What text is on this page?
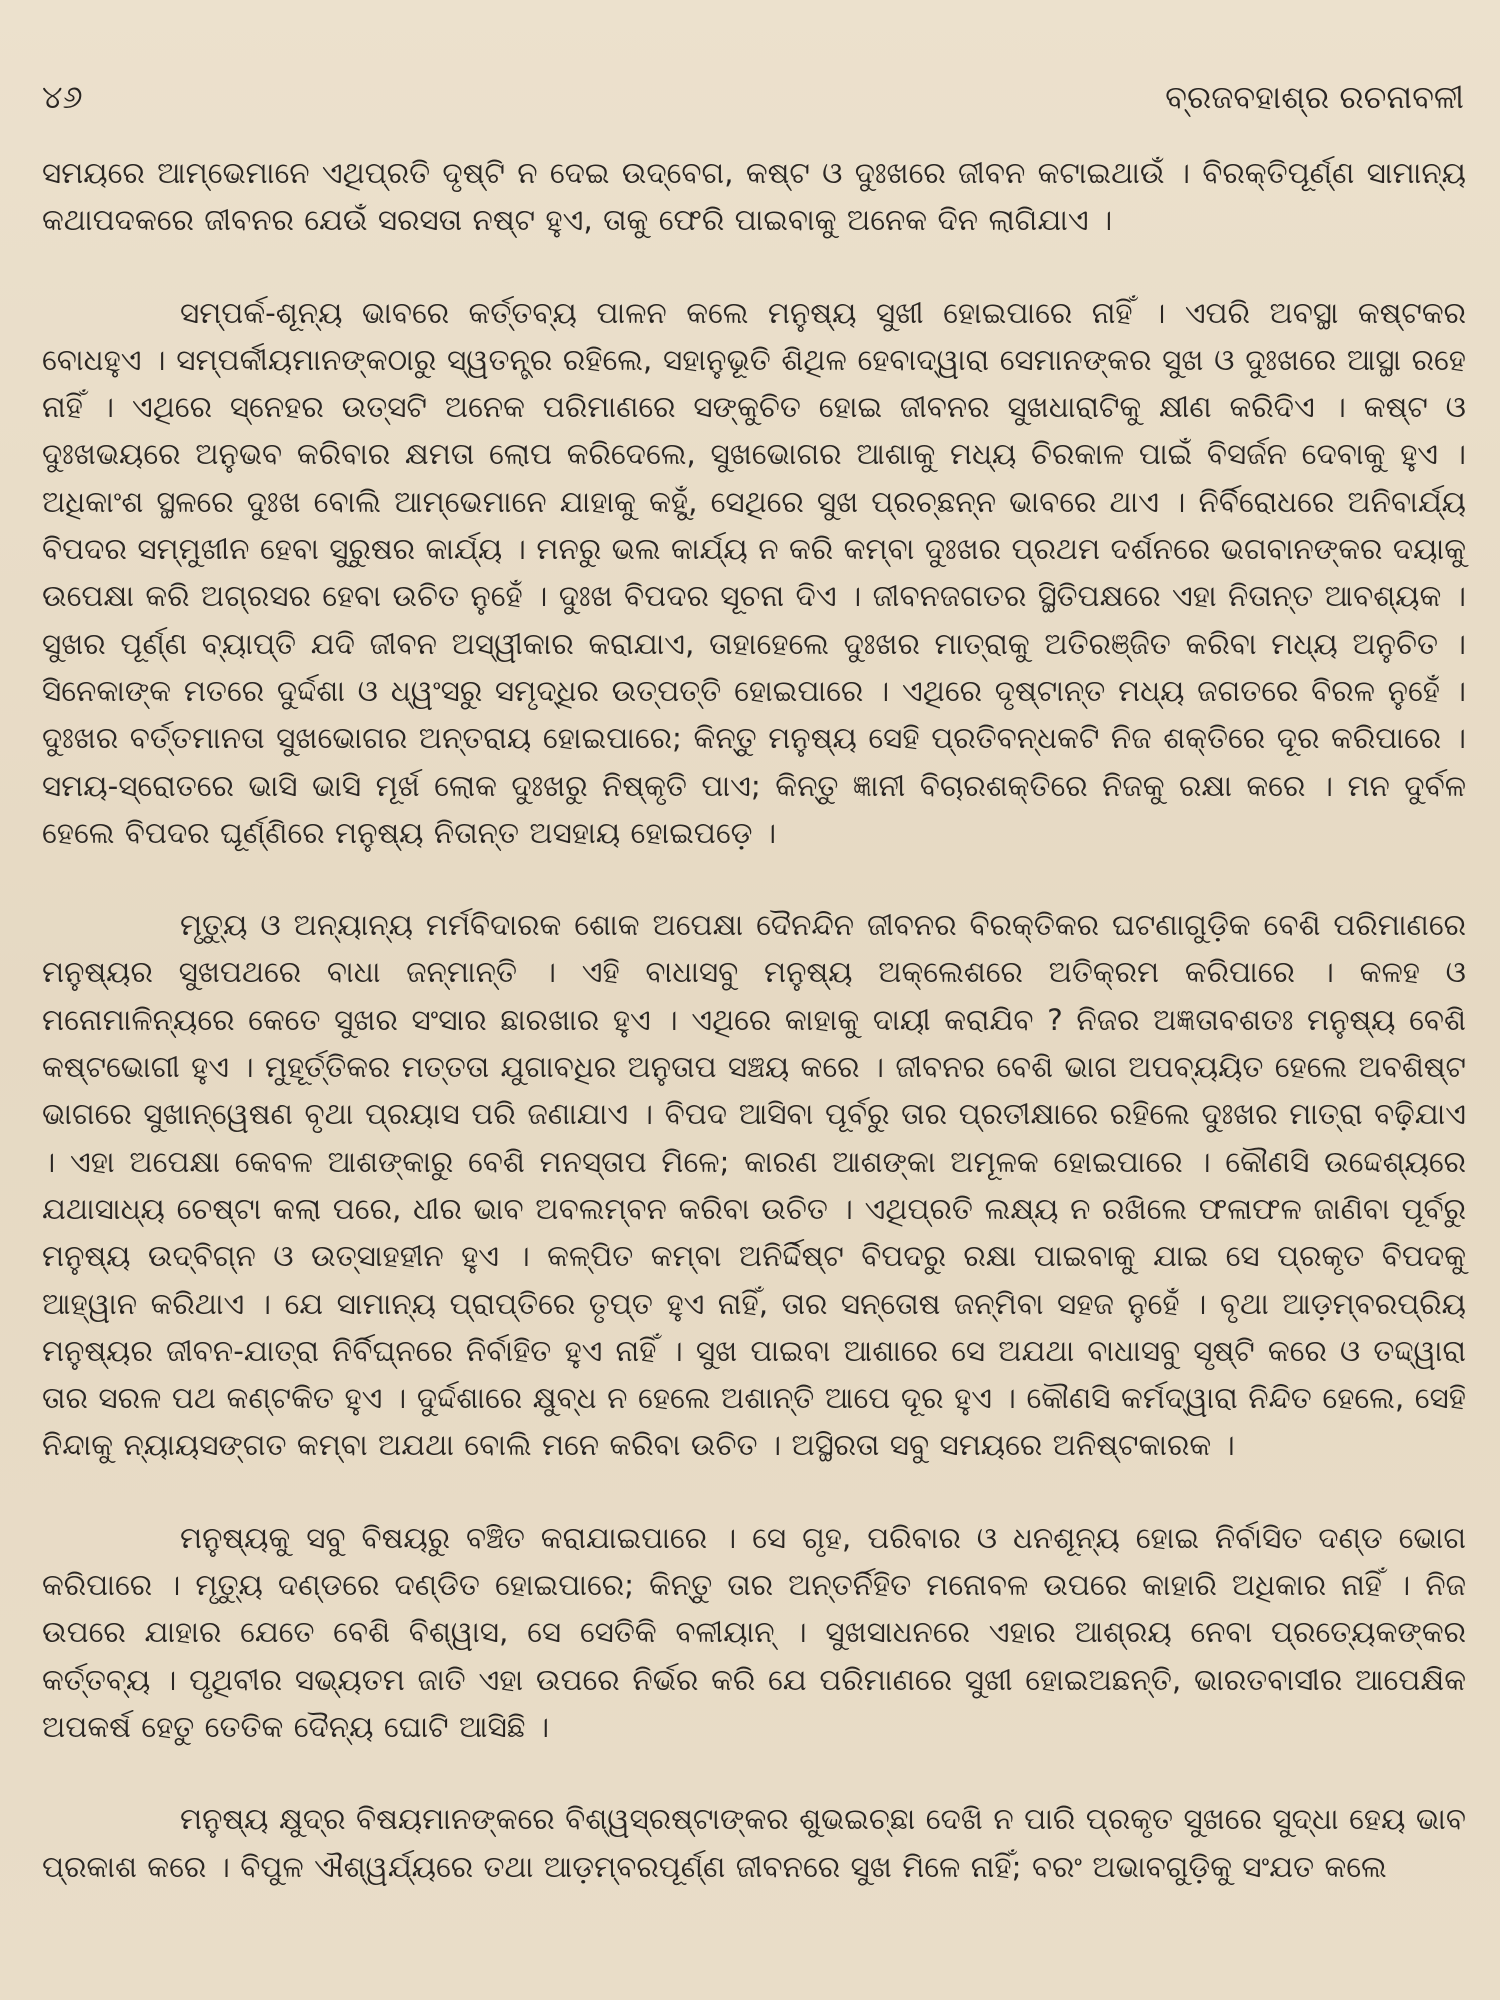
୪୬	ବ୍ରଜବହାଶ୍ର ରଚନାବଳୀ

ସମୟରେ ଆମ୍ଭେମାନେ ଏଥିପ୍ରତି ଦୃଷ୍ଟି ନ ଦେଇ ଉଦ୍‌ବେଗ, କଷ୍ଟ ଓ ଦୁଃଖରେ ଜୀବନ କଟାଇଥାଉଁ । ବିରକ୍ତିପୂର୍ଣ୍ଣ ସାମାନ୍ୟ କଥାପଦକରେ ଜୀବନର ଯେଉଁ ସରସତା ନଷ୍ଟ ହୁଏ, ତାକୁ ଫେରି ପାଇବାକୁ ଅନେକ ଦିନ ଲାଗିଯାଏ ।

ସମ୍ପର୍କ-ଶୂନ୍ୟ ଭାବରେ କର୍ତ୍ତବ୍ୟ ପାଳନ କଲେ ମନୁଷ୍ୟ ସୁଖୀ ହୋଇପାରେ ନାହିଁ । ଏପରି ଅବସ୍ଥା କଷ୍ଟକର ବୋଧହୁଏ । ସମ୍ପର୍କୀୟମାନଙ୍କଠାରୁ ସ୍ୱତନ୍ତ୍ର ରହିଲେ, ସହାନୁଭୂତି ଶିଥିଳ ହେବାଦ୍ୱାରା ସେମାନଙ୍କର ସୁଖ ଓ ଦୁଃଖରେ ଆସ୍ଥା ରହେ ନାହିଁ । ଏଥିରେ ସ୍ନେହର ଉତ୍ସଟି ଅନେକ ପରିମାଣରେ ସଙ୍କୁଚିତ ହୋଇ ଜୀବନର ସୁଖଧାରାଟିକୁ କ୍ଷୀଣ କରିଦିଏ । କଷ୍ଟ ଓ ଦୁଃଖଭୟରେ ଅନୁଭବ କରିବାର କ୍ଷମତା ଲୋପ କରିଦେଲେ, ସୁଖଭୋଗର ଆଶାକୁ ମଧ୍ୟ ଚିରକାଳ ପାଇଁ ବିସର୍ଜନ ଦେବାକୁ ହୁଏ । ଅଧିକାଂଶ ସ୍ଥଳରେ ଦୁଃଖ ବୋଲି ଆମ୍ଭେମାନେ ଯାହାକୁ କହୁଁ, ସେଥିରେ ସୁଖ ପ୍ରଚ୍ଛନ୍ନ ଭାବରେ ଥାଏ । ନିର୍ବିରୋଧରେ ଅନିବାର୍ଯ୍ୟ ବିପଦର ସମ୍ମୁଖୀନ ହେବା ସୁରୁଷର କାର୍ଯ୍ୟ । ମନରୁ ଭଲ କାର୍ଯ୍ୟ ନ କରି କମ୍ବା ଦୁଃଖର ପ୍ରଥମ ଦର୍ଶନରେ ଭଗବାନଙ୍କର ଦୟାକୁ ଉପେକ୍ଷା କରି ଅଗ୍ରସର ହେବା ଉଚିତ ନୁହେଁ । ଦୁଃଖ ବିପଦର ସୂଚନା ଦିଏ । ଜୀବନଜଗତର ସ୍ଥିତିପକ୍ଷରେ ଏହା ନିତାନ୍ତ ଆବଶ୍ୟକ । ସୁଖର ପୂର୍ଣ୍ଣ ବ୍ୟାପ୍ତି ଯଦି ଜୀବନ ଅସ୍ୱୀକାର କରାଯାଏ, ତାହାହେଲେ ଦୁଃଖର ମାତ୍ରାକୁ ଅତିରଞ୍ଜିତ କରିବା ମଧ୍ୟ ଅନୁଚିତ । ସିନେକାଙ୍କ ମତରେ ଦୁର୍ଦ୍ଦଶା ଓ ଧ୍ୱଂସରୁ ସମୃଦ୍ଧିର ଉତ୍ପତ୍ତି ହୋଇପାରେ । ଏଥିରେ ଦୃଷ୍ଟାନ୍ତ ମଧ୍ୟ ଜଗତରେ ବିରଳ ନୁହେଁ । ଦୁଃଖର ବର୍ତ୍ତମାନତା ସୁଖଭୋଗର ଅନ୍ତରାୟ ହୋଇପାରେ; କିନ୍ତୁ ମନୁଷ୍ୟ ସେହି ପ୍ରତିବନ୍ଧକଟି ନିଜ ଶକ୍ତିରେ ଦୂର କରିପାରେ । ସମୟ-ସ୍ରୋତରେ ଭାସି ଭାସି ମୂର୍ଖ ଲୋକ ଦୁଃଖରୁ ନିଷ୍କୃତି ପାଏ; କିନ୍ତୁ ଜ୍ଞାନୀ ବିଚାରଶକ୍ତିରେ ନିଜକୁ ରକ୍ଷା କରେ । ମନ ଦୁର୍ବଳ ହେଲେ ବିପଦର ଘୂର୍ଣ୍ଣିରେ ମନୁଷ୍ୟ ନିତାନ୍ତ ଅସହାୟ ହୋଇପଡ଼େ ।

ମୃତ୍ୟୁ ଓ ଅନ୍ୟାନ୍ୟ ମର୍ମବିଦାରକ ଶୋକ ଅପେକ୍ଷା ଦୈନନ୍ଦିନ ଜୀବନର ବିରକ୍ତିକର ଘଟଣାଗୁଡ଼ିକ ବେଶି ପରିମାଣରେ ମନୁଷ୍ୟର ସୁଖପଥରେ ବାଧା ଜନ୍ମାନ୍ତି । ଏହି ବାଧାସବୁ ମନୁଷ୍ୟ ଅକ୍ଲେଶରେ ଅତିକ୍ରମ କରିପାରେ । କଳହ ଓ ମନୋମାଳିନ୍ୟରେ କେତେ ସୁଖର ସଂସାର ଛାରଖାର ହୁଏ । ଏଥିରେ କାହାକୁ ଦାୟୀ କରାଯିବ ? ନିଜର ଅଜ୍ଞତାବଶତଃ ମନୁଷ୍ୟ ବେଶି କଷ୍ଟଭୋଗୀ ହୁଏ । ମୁହୂର୍ତ୍ତିକର ମତ୍ତତା ଯୁଗାବଧିର ଅନୁତାପ ସଞ୍ଚୟ କରେ । ଜୀବନର ବେଶି ଭାଗ ଅପବ୍ୟୟିତ ହେଲେ ଅବଶିଷ୍ଟ ଭାଗରେ ସୁଖାନ୍ୱେଷଣ ବୃଥା ପ୍ରୟାସ ପରି ଜଣାଯାଏ । ବିପଦ ଆସିବା ପୂର୍ବରୁ ତାର ପ୍ରତୀକ୍ଷାରେ ରହିଲେ ଦୁଃଖର ମାତ୍ରା ବଢ଼ିଯାଏ । ଏହା ଅପେକ୍ଷା କେବଳ ଆଶଙ୍କାରୁ ବେଶି ମନସ୍ତାପ ମିଳେ; କାରଣ ଆଶଙ୍କା ଅମୂଳକ ହୋଇପାରେ । କୌଣସି ଉଦ୍ଦେଶ୍ୟରେ ଯଥାସାଧ୍ୟ ଚେଷ୍ଟା କଲା ପରେ, ଧୀର ଭାବ ଅବଲମ୍ବନ କରିବା ଉଚିତ । ଏଥିପ୍ରତି ଲକ୍ଷ୍ୟ ନ ରଖିଲେ ଫଳାଫଳ ଜାଣିବା ପୂର୍ବରୁ ମନୁଷ୍ୟ ଉଦ୍‌ବିଗ୍ନ ଓ ଉତ୍ସାହହୀନ ହୁଏ । କଳ୍ପିତ କମ୍ବା ଅନିର୍ଦ୍ଦିଷ୍ଟ ବିପଦରୁ ରକ୍ଷା ପାଇବାକୁ ଯାଇ ସେ ପ୍ରକୃତ ବିପଦକୁ ଆହ୍ୱାନ କରିଥାଏ । ଯେ ସାମାନ୍ୟ ପ୍ରାପ୍ତିରେ ତୃପ୍ତ ହୁଏ ନାହିଁ, ତାର ସନ୍ତୋଷ ଜନ୍ମିବା ସହଜ ନୁହେଁ । ବୃଥା ଆଡ଼ମ୍ବରପ୍ରିୟ ମନୁଷ୍ୟର ଜୀବନ-ଯାତ୍ରା ନିର୍ବିଘ୍ନରେ ନିର୍ବାହିତ ହୁଏ ନାହିଁ । ସୁଖ ପାଇବା ଆଶାରେ ସେ ଅଯଥା ବାଧାସବୁ ସୃଷ୍ଟି କରେ ଓ ତଦ୍ଦ୍ୱାରା ତାର ସରଳ ପଥ କଣ୍ଟକିତ ହୁଏ । ଦୁର୍ଦ୍ଦଶାରେ କ୍ଷୁବ୍ଧ ନ ହେଲେ ଅଶାନ୍ତି ଆପେ ଦୂର ହୁଏ । କୌଣସି କର୍ମଦ୍ୱାରା ନିନ୍ଦିତ ହେଲେ, ସେହି ନିନ୍ଦାକୁ ନ୍ୟାୟସଙ୍ଗତ କମ୍ବା ଅଯଥା ବୋଲି ମନେ କରିବା ଉଚିତ । ଅସ୍ଥିରତା ସବୁ ସମୟରେ ଅନିଷ୍ଟକାରକ ।

ମନୁଷ୍ୟକୁ ସବୁ ବିଷୟରୁ ବଞ୍ଚିତ କରାଯାଇପାରେ । ସେ ଗୃହ, ପରିବାର ଓ ଧନଶୂନ୍ୟ ହୋଇ ନିର୍ବାସିତ ଦଣ୍ଡ ଭୋଗ କରିପାରେ । ମୃତ୍ୟୁ ଦଣ୍ଡରେ ଦଣ୍ଡିତ ହୋଇପାରେ; କିନ୍ତୁ ତାର ଅନ୍ତର୍ନିହିତ ମନୋବଳ ଉପରେ କାହାରି ଅଧିକାର ନାହିଁ । ନିଜ ଉପରେ ଯାହାର ଯେତେ ବେଶି ବିଶ୍ୱାସ, ସେ ସେତିକି ବଳୀୟାନ୍ । ସୁଖସାଧନରେ ଏହାର ଆଶ୍ରୟ ନେବା ପ୍ରତ୍ୟେକଙ୍କର କର୍ତ୍ତବ୍ୟ । ପୃଥିବୀର ସଭ୍ୟତମ ଜାତି ଏହା ଉପରେ ନିର୍ଭର କରି ଯେ ପରିମାଣରେ ସୁଖୀ ହୋଇଅଛନ୍ତି, ଭାରତବାସୀର ଆପେକ୍ଷିକ ଅପକର୍ଷ ହେତୁ ତେତିକ ଦୈନ୍ୟ ଘୋଟି ଆସିଛି ।

ମନୁଷ୍ୟ କ୍ଷୁଦ୍ର ବିଷୟମାନଙ୍କରେ ବିଶ୍ୱସ୍ରଷ୍ଟାଙ୍କର ଶୁଭଇଚ୍ଛା ଦେଖି ନ ପାରି ପ୍ରକୃତ ସୁଖରେ ସୁଦ୍ଧା ହେୟ ଭାବ ପ୍ରକାଶ କରେ । ବିପୁଳ ଐଶ୍ୱର୍ଯ୍ୟରେ ତଥା ଆଡ଼ମ୍ବରପୂର୍ଣ୍ଣ ଜୀବନରେ ସୁଖ ମିଳେ ନାହିଁ; ବରଂ ଅଭାବଗୁଡ଼ିକୁ ସଂଯତ କଲେ
